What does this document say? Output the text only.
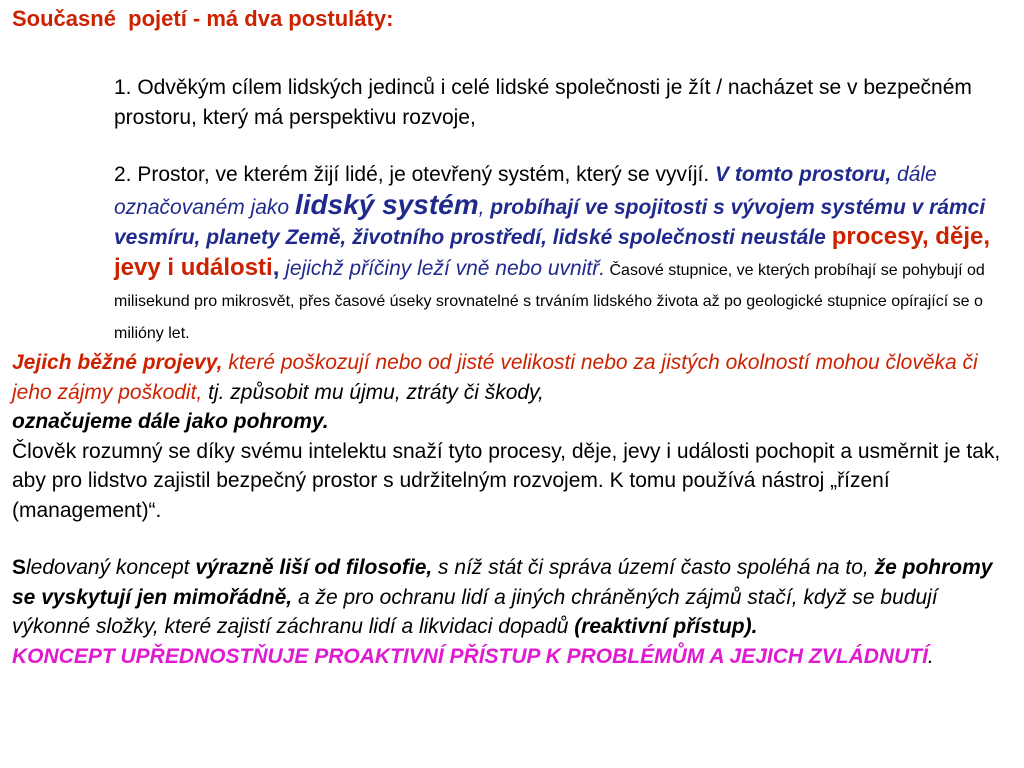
Současné  pojetí - má dva postuláty:

1. Odvěkým cílem lidských jedinců i celé lidské společnosti je žít / nacházet se v bezpečném prostoru, který má perspektivu rozvoje,

2. Prostor, ve kterém žijí lidé, je otevřený systém, který se vyvíjí. V tomto prostoru, dále označovaném jako lidský systém, probíhají ve spojitosti s vývojem systému v rámci vesmíru, planety Země, životního prostředí, lidské společnosti neustále procesy, děje, jevy i události, jejichž příčiny leží vně nebo uvnitř. Časové stupnice, ve kterých probíhají se pohybují od milisekund pro mikrosvět, přes časové úseky srovnatelné s trváním lidského života až po geologické stupnice opírající se o milióny let.

Jejich běžné projevy, které poškozují nebo od jisté velikosti nebo za jistých okolností mohou člověka či jeho zájmy poškodit, tj. způsobit mu újmu, ztráty či škody,
označujeme dále jako pohromy.

Člověk rozumný se díky svému intelektu snaží tyto procesy, děje, jevy i události pochopit a usměrnit je tak, aby pro lidstvo zajistil bezpečný prostor s udržitelným rozvojem. K tomu používá nástroj „řízení (management)“.

Sledovaný koncept výrazně liší od filosofie, s níž stát či správa území často spoléhá na to, že pohromy se vyskytují jen mimořádně, a že pro ochranu lidí a jiných chráněných zájmů stačí, když se budují výkonné složky, které zajistí záchranu lidí a likvidaci dopadů (reaktivní přístup).

KONCEPT UPŘEDNOSTŇUJE PROAKTIVNÍ PŘÍSTUP K PROBLÉMŮM A JEJICH ZVLÁDNUTÍ.
